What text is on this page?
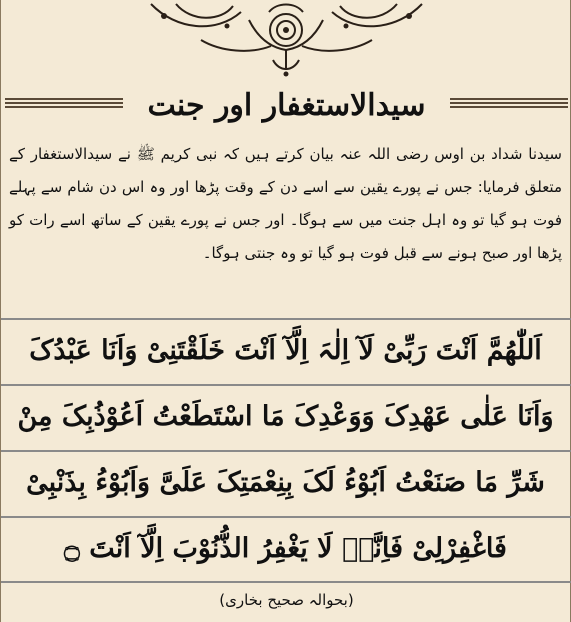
سیدالاستغفار اور جنت
سیدنا شداد بن اوس رضی اللہ عنہ بیان کرتے ہیں کہ نبی کریم ﷺ نے سیدالاستغفار کے متعلق فرمایا: جس نے پورے یقین سے اسے دن کے وقت پڑھا اور وہ اس دن شام سے پہلے فوت ہو گیا تو وہ اہل جنت میں سے ہوگا۔ اور جس نے پورے یقین کے ساتھ اسے رات کو پڑھا اور صبح ہونے سے قبل فوت ہو گیا تو وہ جنتی ہوگا۔
اَللّٰھُمَّ اَنْتَ رَبِّیْ لَآ اِلٰہَ اِلَّآ اَنْتَ خَلَقْتَنِیْ وَاَنَا عَبْدُکَ
وَاَنَا عَلٰی عَھْدِکَ وَوَعْدِکَ مَا اسْتَطَعْتُ اَعُوْذُبِکَ مِنْ
شَرِّ مَا صَنَعْتُ اَبُوْءُ لَکَ بِنِعْمَتِکَ عَلَیَّ وَاَبُوْءُ بِذَنْبِیْ
فَاغْفِرْلِیْ فَاِنَّہٗ لَا یَغْفِرُ الذُّنُوْبَ اِلَّآ اَنْتَ ۝
(بحوالہ صحیح بخاری)
